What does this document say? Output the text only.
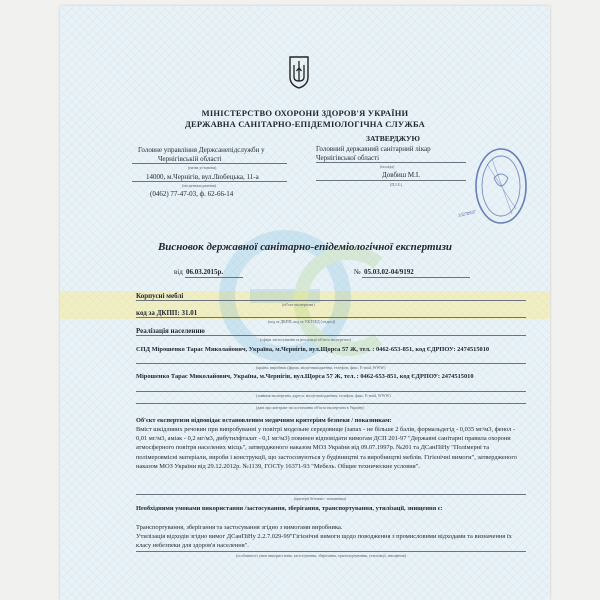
МІНІСТЕРСТВО ОХОРОНИ ЗДОРОВ'Я УКРАЇНИ
ДЕРЖАВНА САНІТАРНО-ЕПІДЕМІОЛОГІЧНА СЛУЖБА
Головне управління Держсанепідслужби у
Чернігівській області
(назва установи)
14000, м.Чернігів, вул.Любецька, 11-а
(місцезнаходження)
(0462) 77-47-03, ф. 62-66-14
ЗАТВЕРДЖУЮ
Головний державний санітарний лікар
Чернігівської області
(посада)
Довбиш М.І.
(П.І.Б.)
33270937
Висновок державної санітарно-епідеміологічної експертизи
від 06.03.2015р.	№ 05.03.02-04/9192
Корпусні меблі
(об'єкт експертизи)
код за ДКПП: 31.01
(код за ДКПП, код за УКТЗЕД (згідно))
Реалізація населенню
(сфера застосування та реалізації об'єкта експертизи)
СПД Мірошенко Тарас Миколайович, Україна, м.Чернігів, вул.Щорса 57 Ж, тел. : 0462-653-851, код ЄДРПОУ: 2474515010
(країна, виробник (фірма, місцезнаходження, телефон, факс, E-mail, WWW)
Мірошенко Тарас Миколайович, Україна, м.Чернігів, вул.Щорса 57 Ж, тел. : 0462-653-851, код ЄДРПОУ: 2474515010
(заявник експертизи, адреса, місцезнаходження, телефон, факс, E-mail, WWW)
(дані про контракт на постачання об'єкта експертизи в Україну)
Об'єкт експертизи відповідає встановленим медичним критеріям безпеки / показникам:
Вміст шкідливих речовин при випробуванні у повітрі модельне середовище (запах - не більше 2 балів, формальдегід - 0,035 мг/м3, фенол - 0,01 мг/м3, аміак - 0,2 мг/м3, дибутилфталат - 0,1 мг/м3) повинен відповідати вимогам ДСП 201-97 "Державні санітарні правила охорони атмосферного повітря населених місць", затвердженого наказом МОЗ України від 09.07.1997р. №201 та ДСанПіНу "Полімерні та полімеровмісні матеріали, вироби і конструкції, що застосовуються у будівництві та виробництві меблів. Гігієнічні вимоги", затвердженого наказом МОЗ України від 29.12.2012р. №1139, ГОСТу 16371-93 "Мебель. Общие технические условия".
(критерії безпеки - показники)
Необхідними умовами використання /застосування, зберігання, транспортування, утилізації, знищення є:
Транспортування, зберігання та застосування згідно з вимогами виробника.
Утилізація відходів згідно вимог ДСанПіНу 2.2.7.029-99"Гігієнічні вимоги щодо поводження з промисловими відходами та визначення їх класу небезпеки для здоров'я населення".
(особливості умов використання, застосування, зберігання, транспортування, утилізації, знищення)
